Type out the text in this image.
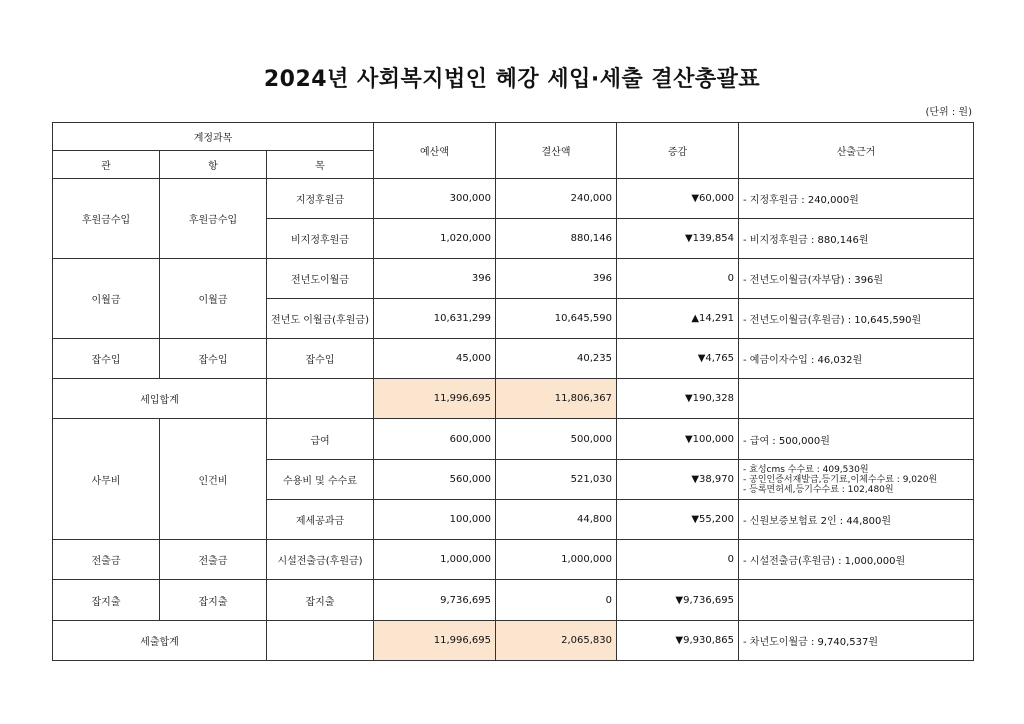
2024년 사회복지법인 혜강 세입·세출 결산총괄표
(단위 : 원)
계정과목			예산액	결산액	증감	산출근거
관	항	목				
후원금수입	후원금수입	지정후원금	300,000	240,000	▼60,000	- 지정후원금 : 240,000원
		비지정후원금	1,020,000	880,146	▼139,854	- 비지정후원금 : 880,146원
이월금	이월금	전년도이월금	396	396	0	- 전년도이월금(자부담) : 396원
		전년도 이월금(후원금)	10,631,299	10,645,590	▲14,291	- 전년도이월금(후원금) : 10,645,590원
잡수입	잡수입	잡수입	45,000	40,235	▼4,765	- 예금이자수입 : 46,032원
세입합계			11,996,695	11,806,367	▼190,328	
사무비	인건비	급여	600,000	500,000	▼100,000	- 급여 : 500,000원
		수용비 및 수수료	560,000	521,030	▼38,970	- 효성cms 수수료 : 409,530원
- 공인인증서재발급,등기료,이체수수료 : 9,020원
- 등록면허세,등기수수료 : 102,480원

		제세공과금	100,000	44,800	▼55,200	- 신원보증보험료 2인 : 44,800원
전출금	전출금	시설전출금(후원금)	1,000,000	1,000,000	0	- 시설전출금(후원금) : 1,000,000원
잡지출	잡지출	잡지출	9,736,695	0	▼9,736,695	
세출합계			11,996,695	2,065,830	▼9,930,865	- 차년도이월금 : 9,740,537원
